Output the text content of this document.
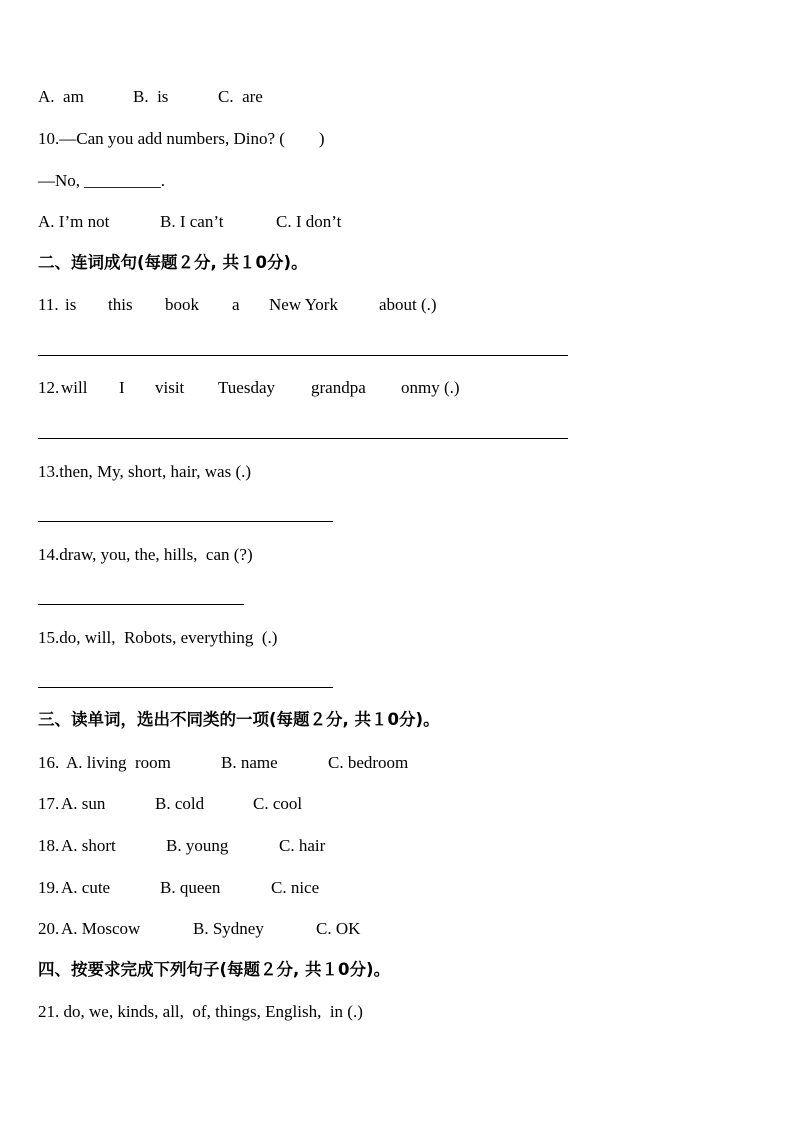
A.  am	B.  is	C.  are
10.—Can you add numbers, Dino? (        )
—No, _________.
A. I’m not	B. I can’t	C. I don’t
二、连词成句(每题２分, 共１0分)。
11. is this book a New York about (.)
12. will I visit Tuesday grandpa onmy (.)
13.then, My, short, hair, was (.)
14.draw, you, the, hills,  can (?)
15.do, will,  Robots, everything  (.)
三、读单词，选出不同类的一项(每题２分, 共１0分)。
16. A. living  room	B. name	C. bedroom
17. A. sun	B. cold	C. cool
18. A. short	B. young	C. hair
19. A. cute	B. queen	C. nice
20. A. Moscow	B. Sydney	C. OK
四、按要求完成下列句子(每题２分, 共１0分)。
21. do, we, kinds, all,  of, things, English,  in (.)
